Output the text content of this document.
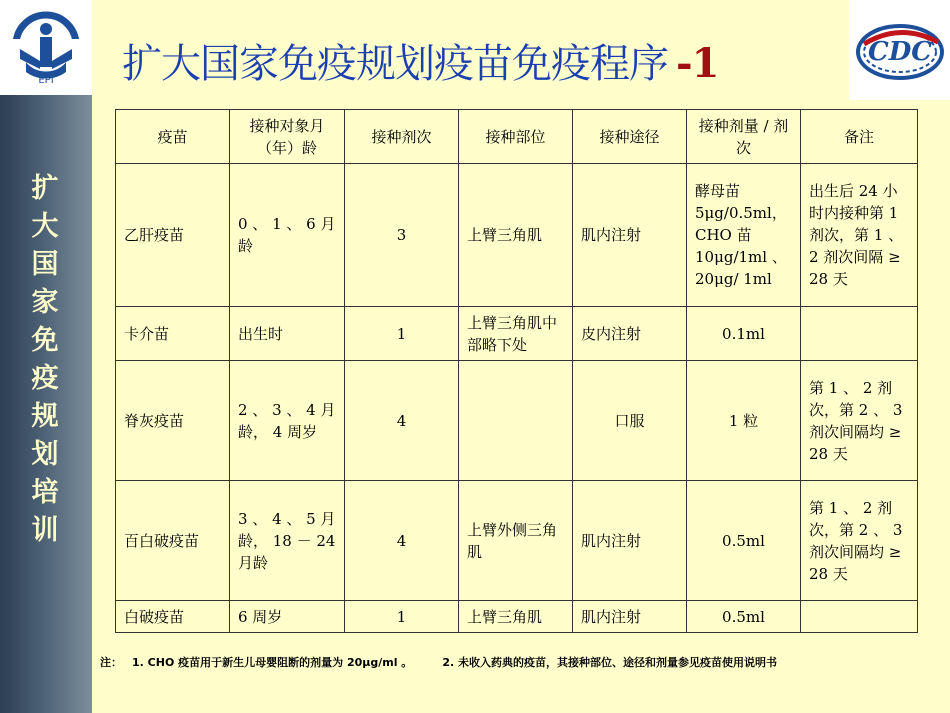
EPI
扩
大
国
家
免
疫
规
划
培
训
扩大国家免疫规划疫苗免疫程序 -1	CDC
疫苗	接种对象月（年）龄	接种剂次	接种部位	接种途径	接种剂量 / 剂次	备注
乙肝疫苗	0 、 1 、 6 月龄	3	上臂三角肌	肌内注射	酵母苗 5μg/0.5ml，CHO 苗 10μg/1ml 、 20μg/ 1ml	出生后 24 小时内接种第 1 剂次，第 1 、 2 剂次间隔 ≥ 28 天
卡介苗	出生时	1	上臂三角肌中部略下处	皮内注射	0.1ml	
脊灰疫苗	2 、 3 、 4 月龄， 4 周岁	4		口服	1 粒	第 1 、 2 剂次，第 2 、 3 剂次间隔均 ≥ 28 天
百白破疫苗	3 、 4 、 5 月龄， 18 － 24 月龄	4	上臂外侧三角肌	肌内注射	0.5ml	第 1 、 2 剂次，第 2 、 3 剂次间隔均 ≥ 28 天
白破疫苗	6 周岁	1	上臂三角肌	肌内注射	0.5ml	
注： 1. CHO 疫苗用于新生儿母婴阻断的剂量为 20μg/ml 。	2. 未收入药典的疫苗，其接种部位、途径和剂量参见疫苗使用说明书
